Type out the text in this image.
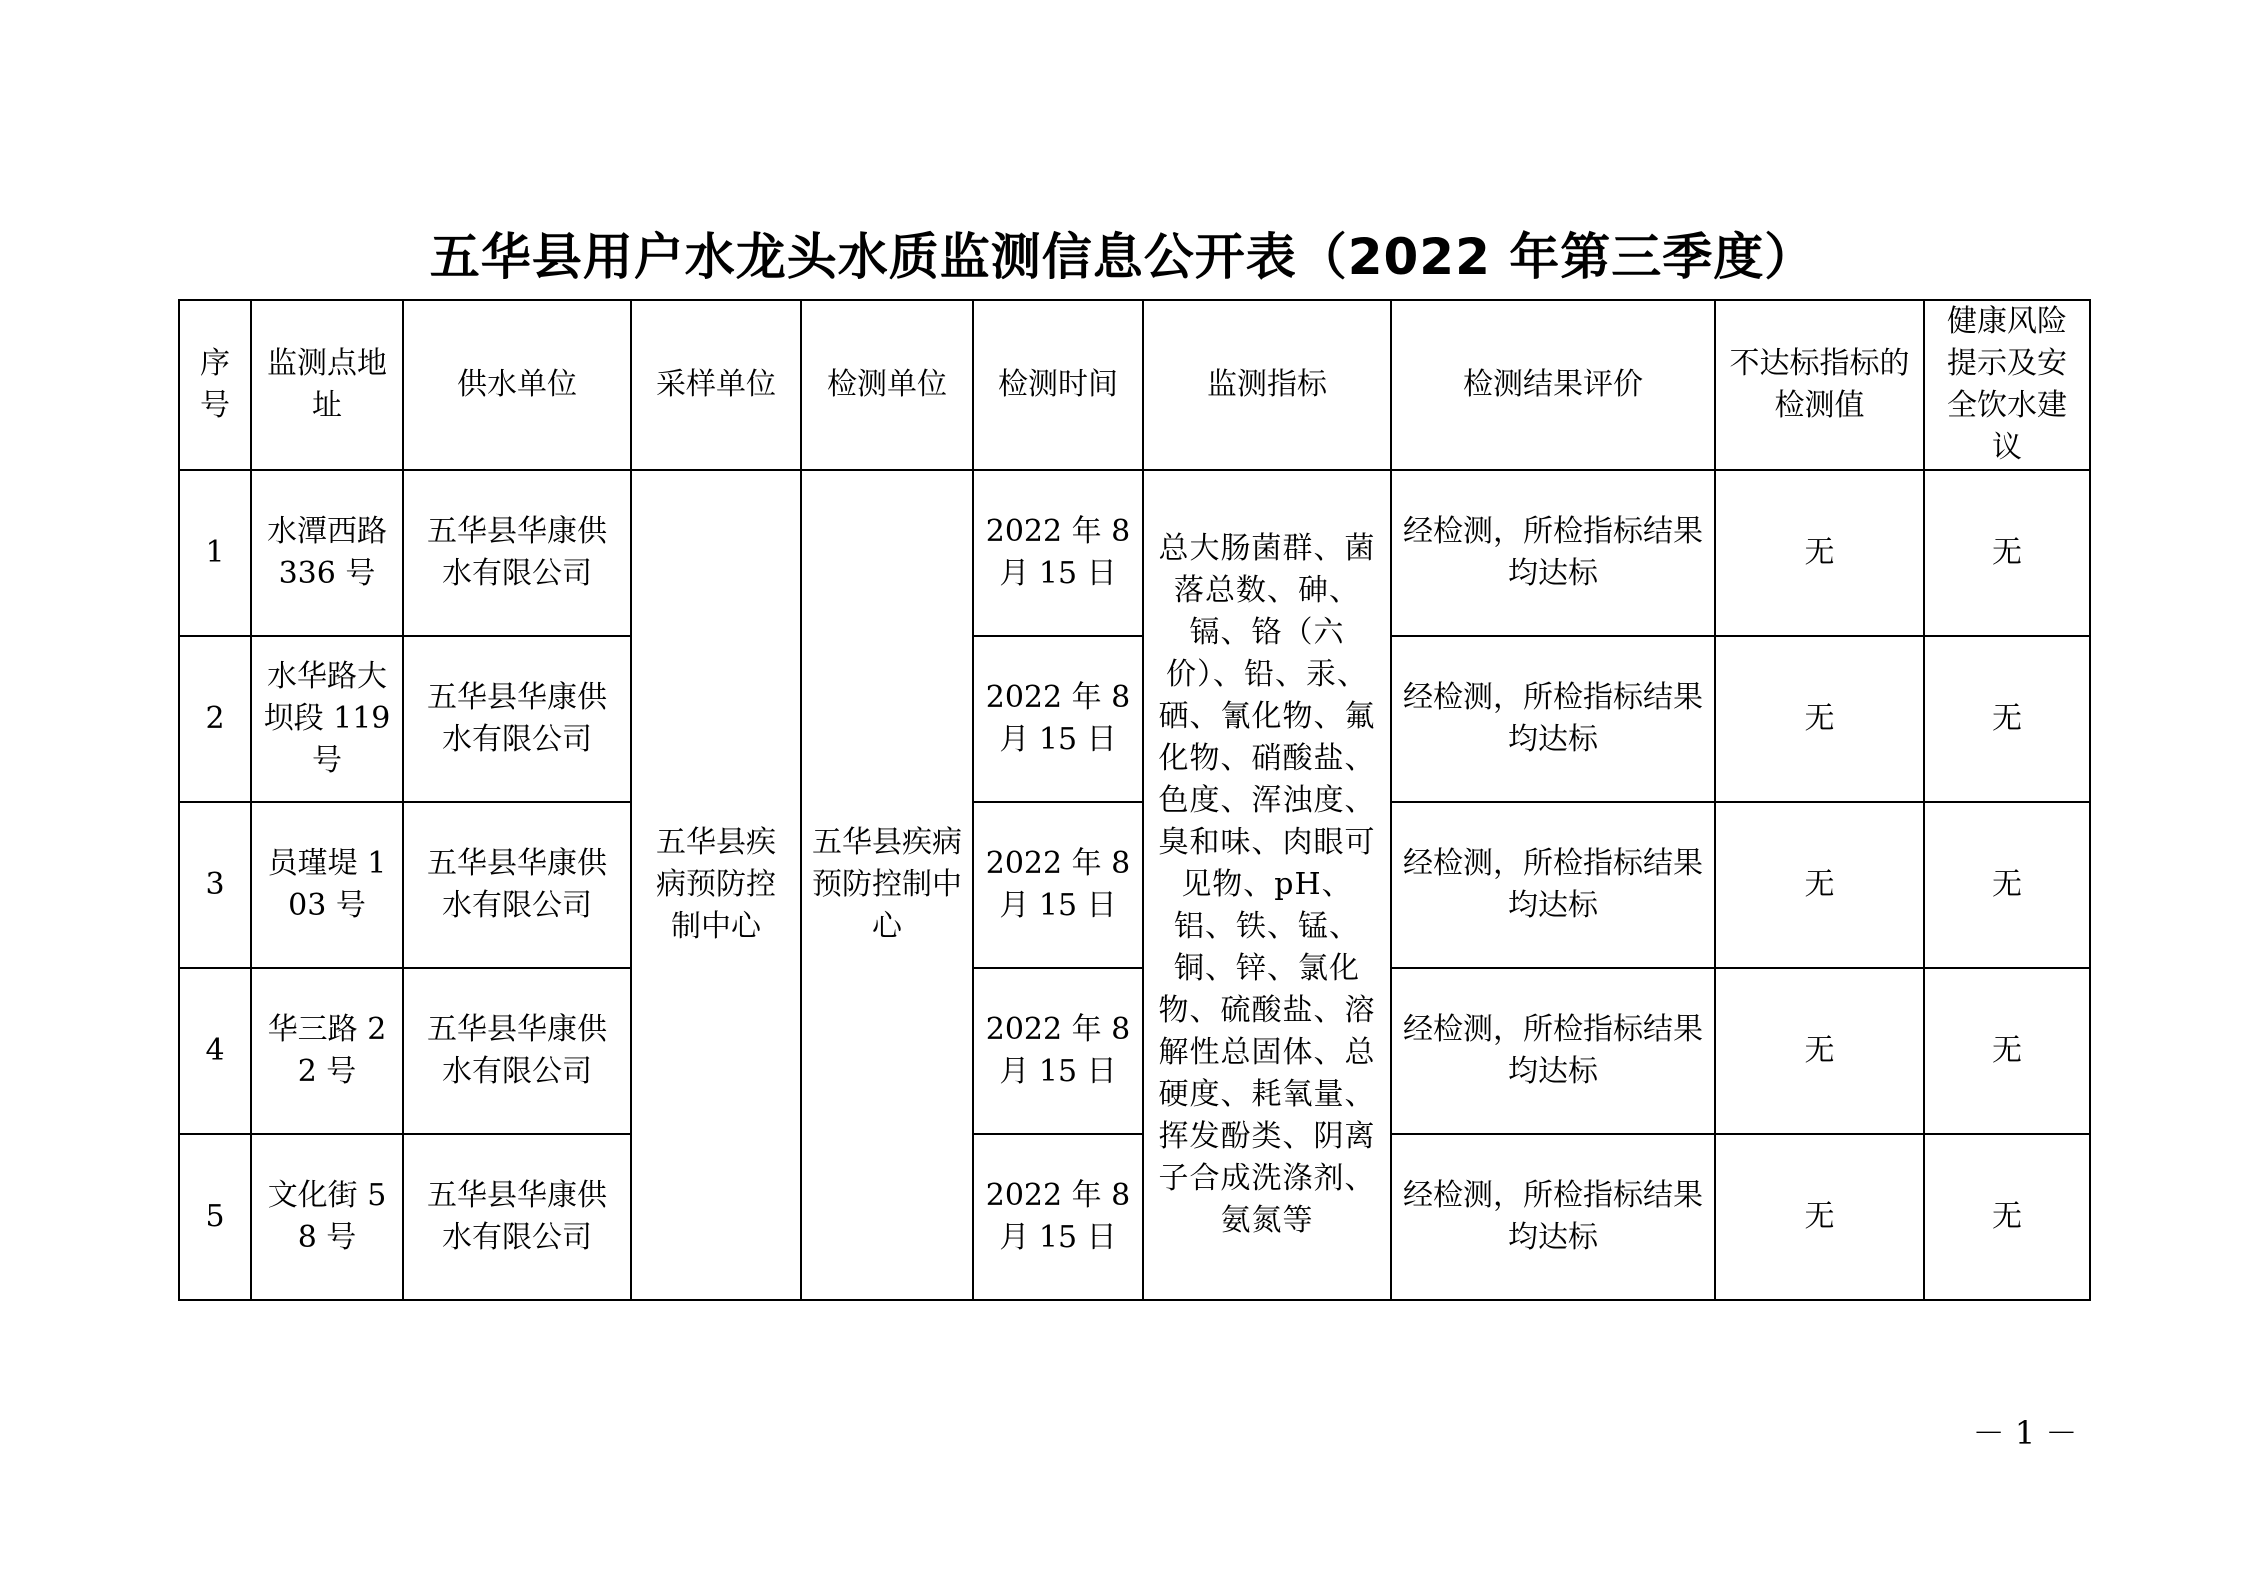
五华县用户水龙头水质监测信息公开表（2022 年第三季度）
序号	监测点地址	供水单位	采样单位	检测单位	检测时间	监测指标	检测结果评价	不达标指标的检测值	健康风险提示及安全饮水建议
1	水潭西路 336 号	五华县华康供水有限公司	五华县疾病预防控制中心	五华县疾病预防控制中心	2022 年 8 月 15 日	总大肠菌群、菌落总数、砷、镉、铬（六价）、铅、汞、硒、氰化物、氟化物、硝酸盐、色度、浑浊度、臭和味、肉眼可见物、pH、铝、铁、锰、铜、锌、氯化物、硫酸盐、溶解性总固体、总硬度、耗氧量、挥发酚类、阴离子合成洗涤剂、氨氮等	经检测，所检指标结果均达标	无	无
2	水华路大坝段 119 号	五华县华康供水有限公司			2022 年 8 月 15 日		经检测，所检指标结果均达标	无	无
3	员瑾堤 103 号	五华县华康供水有限公司			2022 年 8 月 15 日		经检测，所检指标结果均达标	无	无
4	华三路 22 号	五华县华康供水有限公司			2022 年 8 月 15 日		经检测，所检指标结果均达标	无	无
5	文化街 58 号	五华县华康供水有限公司			2022 年 8 月 15 日		经检测，所检指标结果均达标	无	无
－ 1 －
